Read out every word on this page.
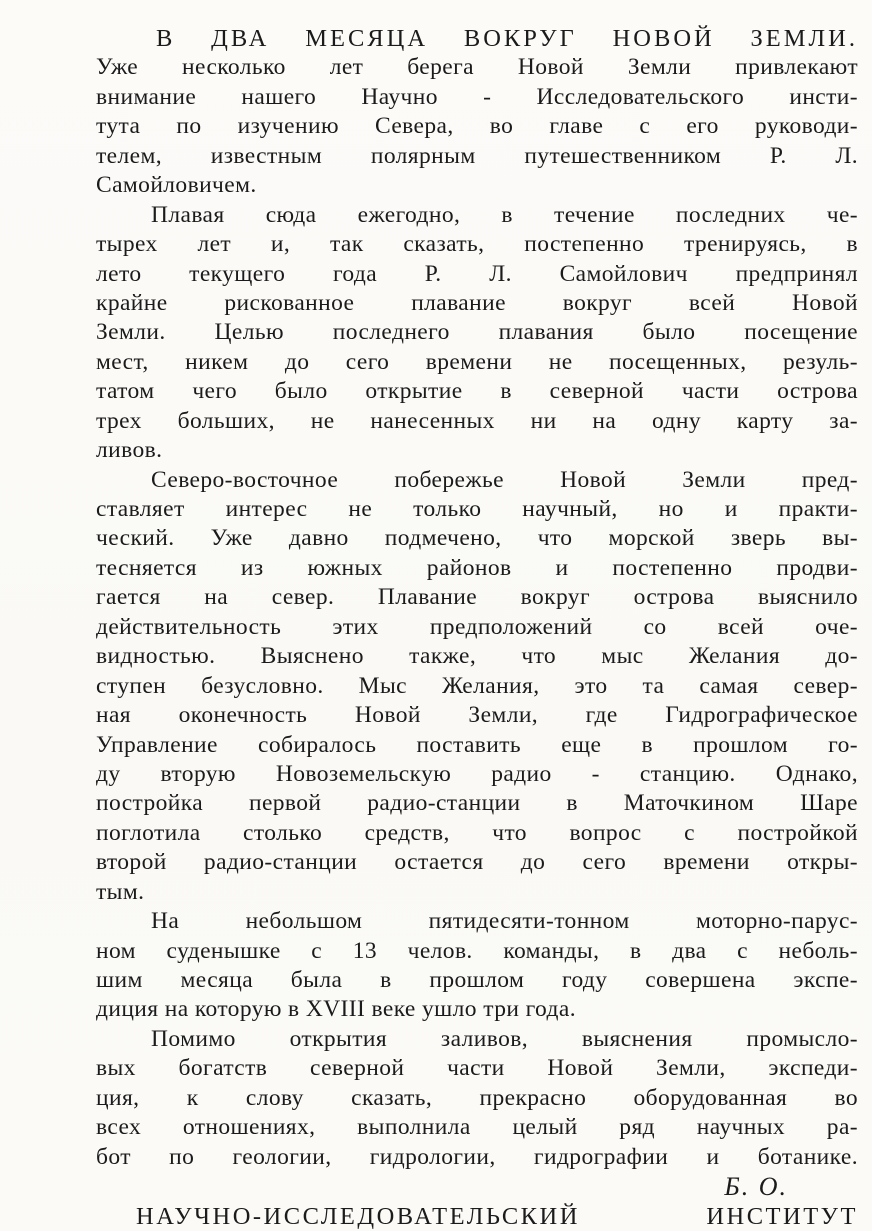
В ДВА МЕСЯЦА ВОКРУГ НОВОЙ ЗЕМЛИ.
Уже несколько лет берега Новой Земли привлекают
внимание нашего Научно - Исследовательского инсти-
тута по изучению Севера, во главе с его руководи-
телем, известным полярным путешественником Р. Л.
Самойловичем.
Плавая сюда ежегодно, в течение последних че-
тырех лет и, так сказать, постепенно тренируясь, в
лето текущего года Р. Л. Самойлович предпринял
крайне рискованное плавание вокруг всей Новой
Земли. Целью последнего плавания было посещение
мест, никем до сего времени не посещенных, резуль-
татом чего было открытие в северной части острова
трех больших, не нанесенных ни на одну карту за-
ливов.
Северо-восточное побережье Новой Земли пред-
ставляет интерес не только научный, но и практи-
ческий. Уже давно подмечено, что морской зверь вы-
тесняется из южных районов и постепенно продви-
гается на север. Плавание вокруг острова выяснило
действительность этих предположений со всей оче-
видностью. Выяснено также, что мыс Желания до-
ступен безусловно. Мыс Желания, это та самая север-
ная оконечность Новой Земли, где Гидрографическое
Управление собиралось поставить еще в прошлом го-
ду вторую Новоземельскую радио - станцию. Однако,
постройка первой радио-станции в Маточкином Шаре
поглотила столько средств, что вопрос с постройкой
второй радио-станции остается до сего времени откры-
тым.
На небольшом пятидесяти-тонном моторно-парус-
ном суденышке с 13 челов. команды, в два с неболь-
шим месяца была в прошлом году совершена экспе-
диция на которую в XVIII веке ушло три года.
Помимо открытия заливов, выяснения промысло-
вых богатств северной части Новой Земли, экспеди-
ция, к слову сказать, прекрасно оборудованная во
всех отношениях, выполнила целый ряд научных ра-
бот по геологии, гидрологии, гидрографии и ботанике.
Б. О.
НАУЧНО-ИССЛЕДОВАТЕЛЬСКИЙ ИНСТИТУТ
